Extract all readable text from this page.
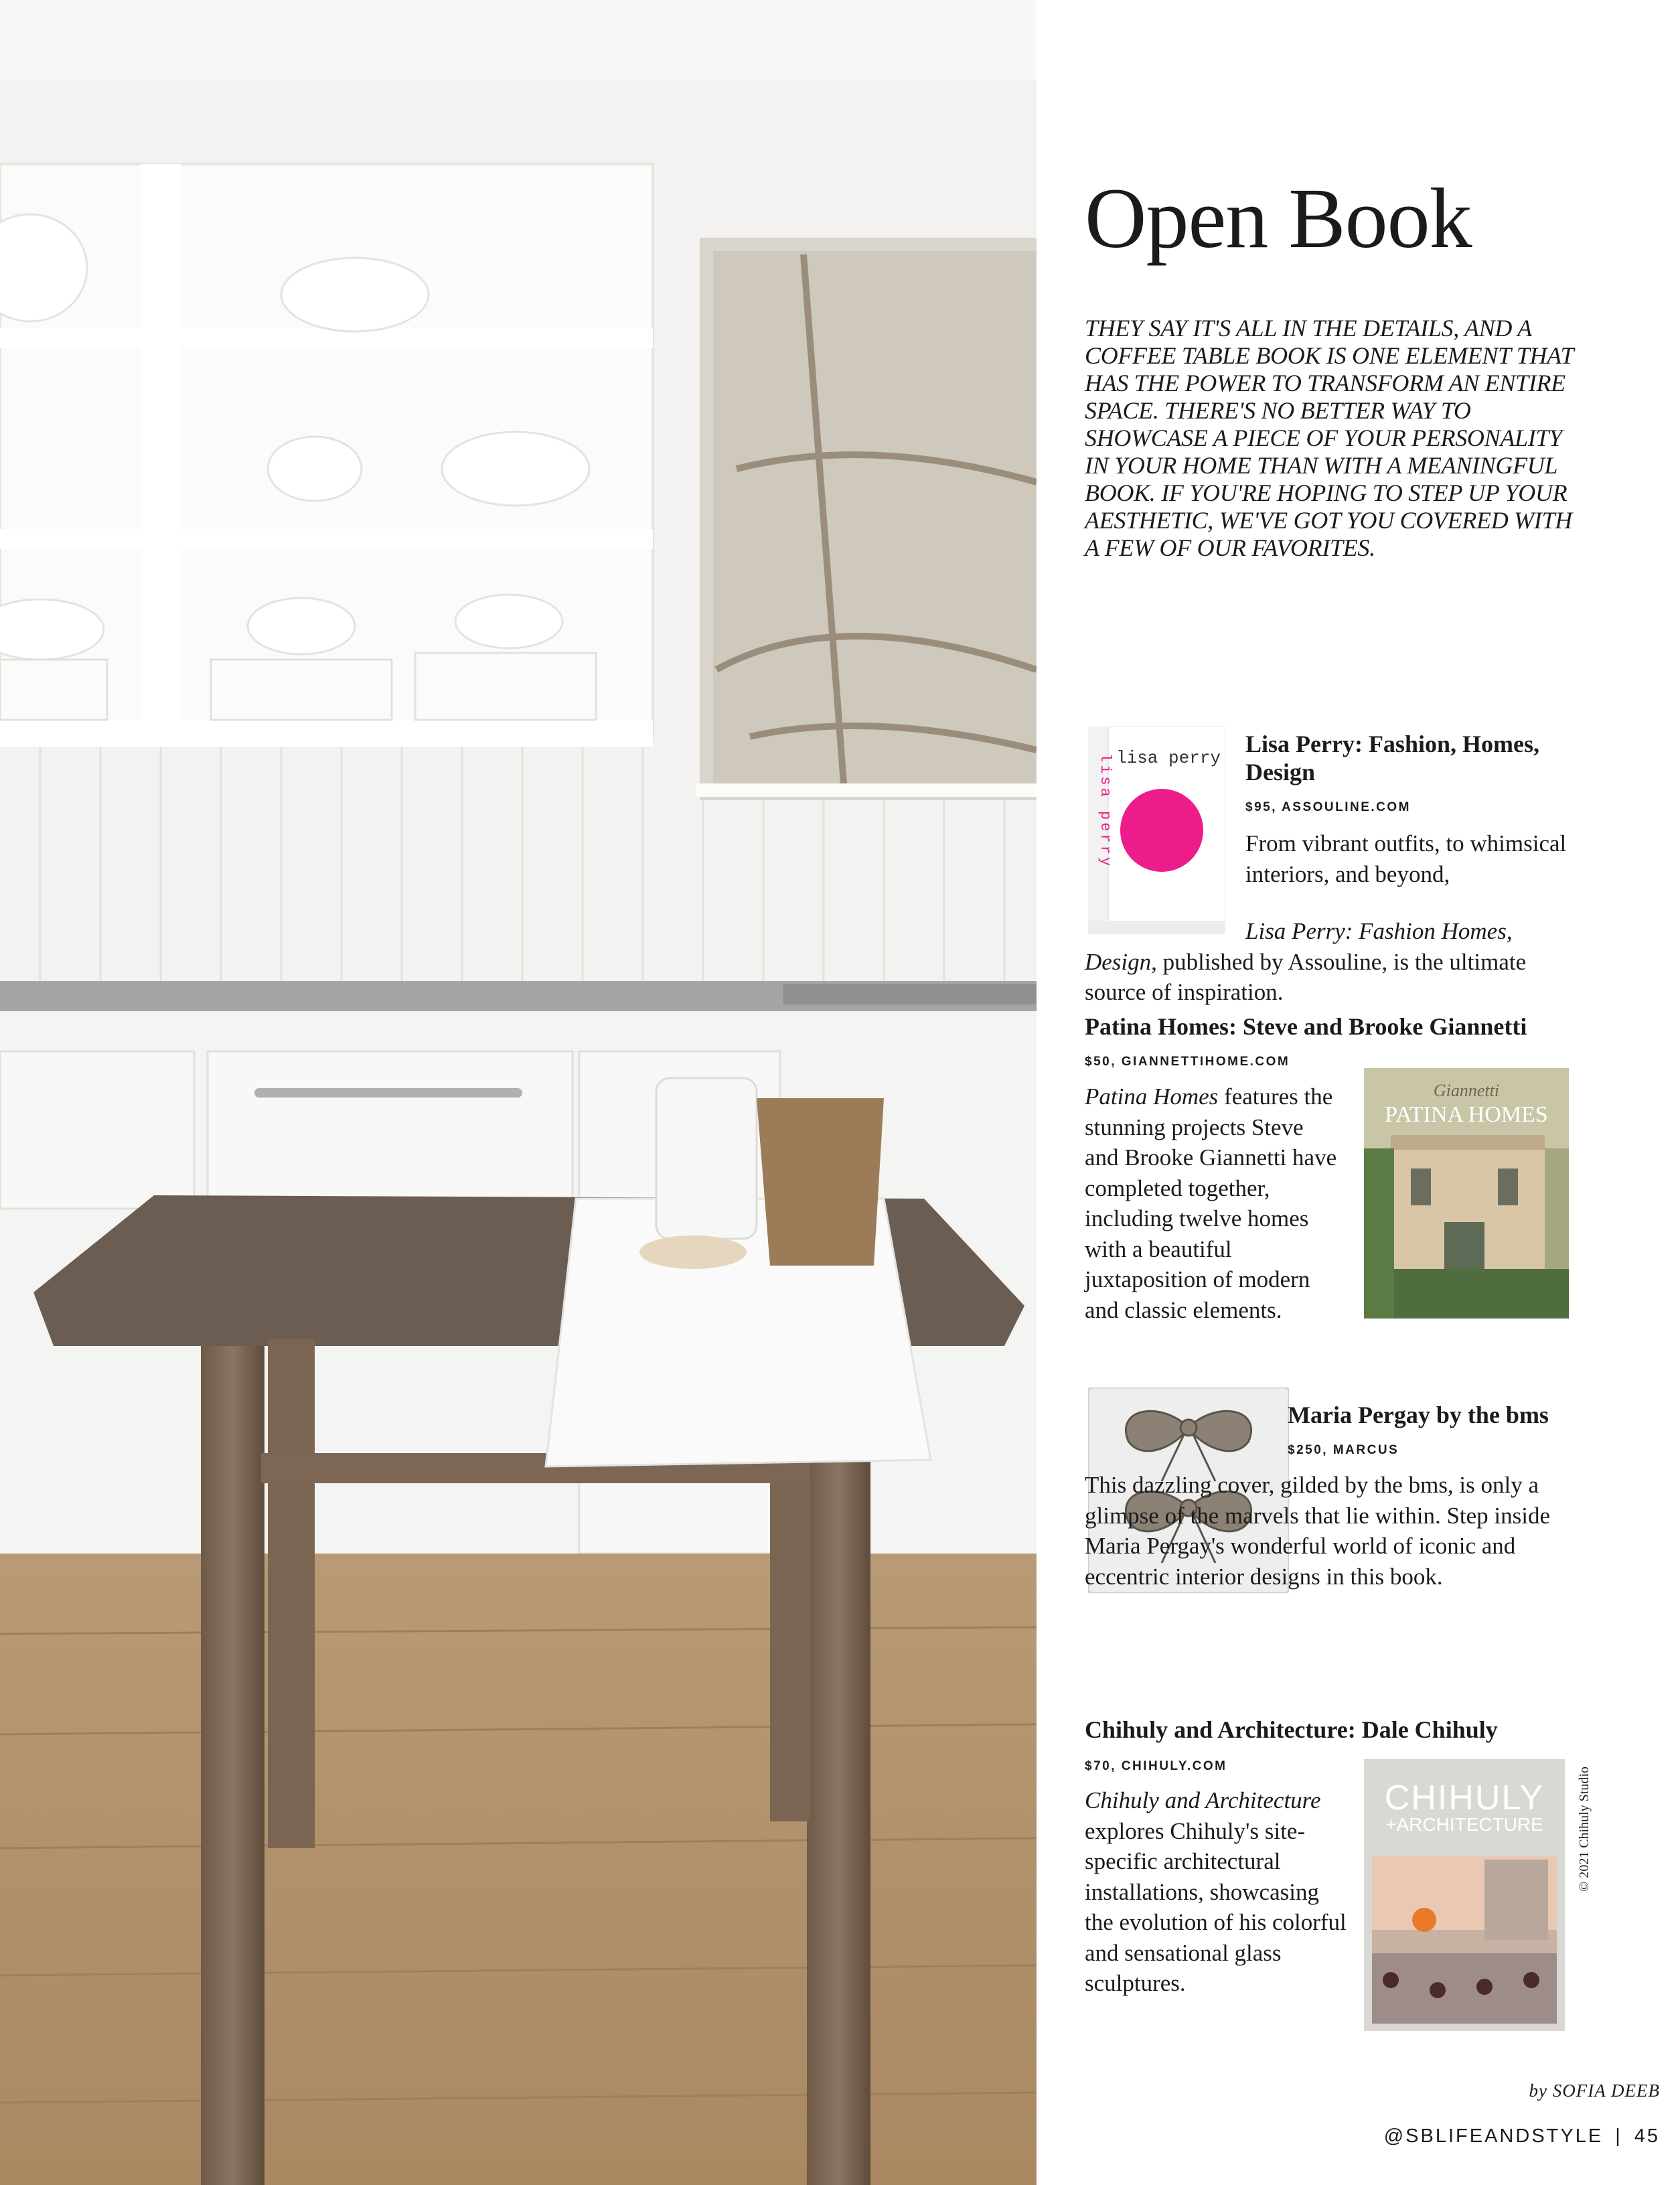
Open Book

THEY SAY IT'S ALL IN THE DETAILS, AND A COFFEE TABLE BOOK IS ONE ELEMENT THAT HAS THE POWER TO TRANSFORM AN ENTIRE SPACE. THERE'S NO BETTER WAY TO SHOWCASE A PIECE OF YOUR PERSONALITY IN YOUR HOME THAN WITH A MEANINGFUL BOOK. IF YOU'RE HOPING TO STEP UP YOUR AESTHETIC, WE'VE GOT YOU COVERED WITH A FEW OF OUR FAVORITES.

lisa perry
lisa perry

Lisa Perry: Fashion, Homes, Design

$95, ASSOULINE.COM

From vibrant outfits, to whimsical interiors, and beyond,

Lisa Perry: Fashion Homes, Design, published by Assouline, is the ultimate source of inspiration.

Patina Homes: Steve and Brooke Giannetti

$50, GIANNETTIHOME.COM

Patina Homes features the stunning projects Steve and Brooke Giannetti have completed together, including twelve homes with a beautiful juxtaposition of modern and classic elements.

Giannetti
PATINA HOMES

Maria Pergay by the bms

$250, MARCUS

This dazzling cover, gilded by the bms, is only a glimpse of the marvels that lie within. Step inside Maria Pergay's wonderful world of iconic and eccentric interior designs in this book.

Chihuly and Architecture: Dale Chihuly

$70, CHIHULY.COM

Chihuly and Architecture explores Chihuly's site-specific architectural installations, showcasing the evolution of his colorful and sensational glass sculptures.

CHIHULY
+ARCHITECTURE	© 2021 Chihuly Studio
by SOFIA DEEB
@SBLIFEANDSTYLE | 45
